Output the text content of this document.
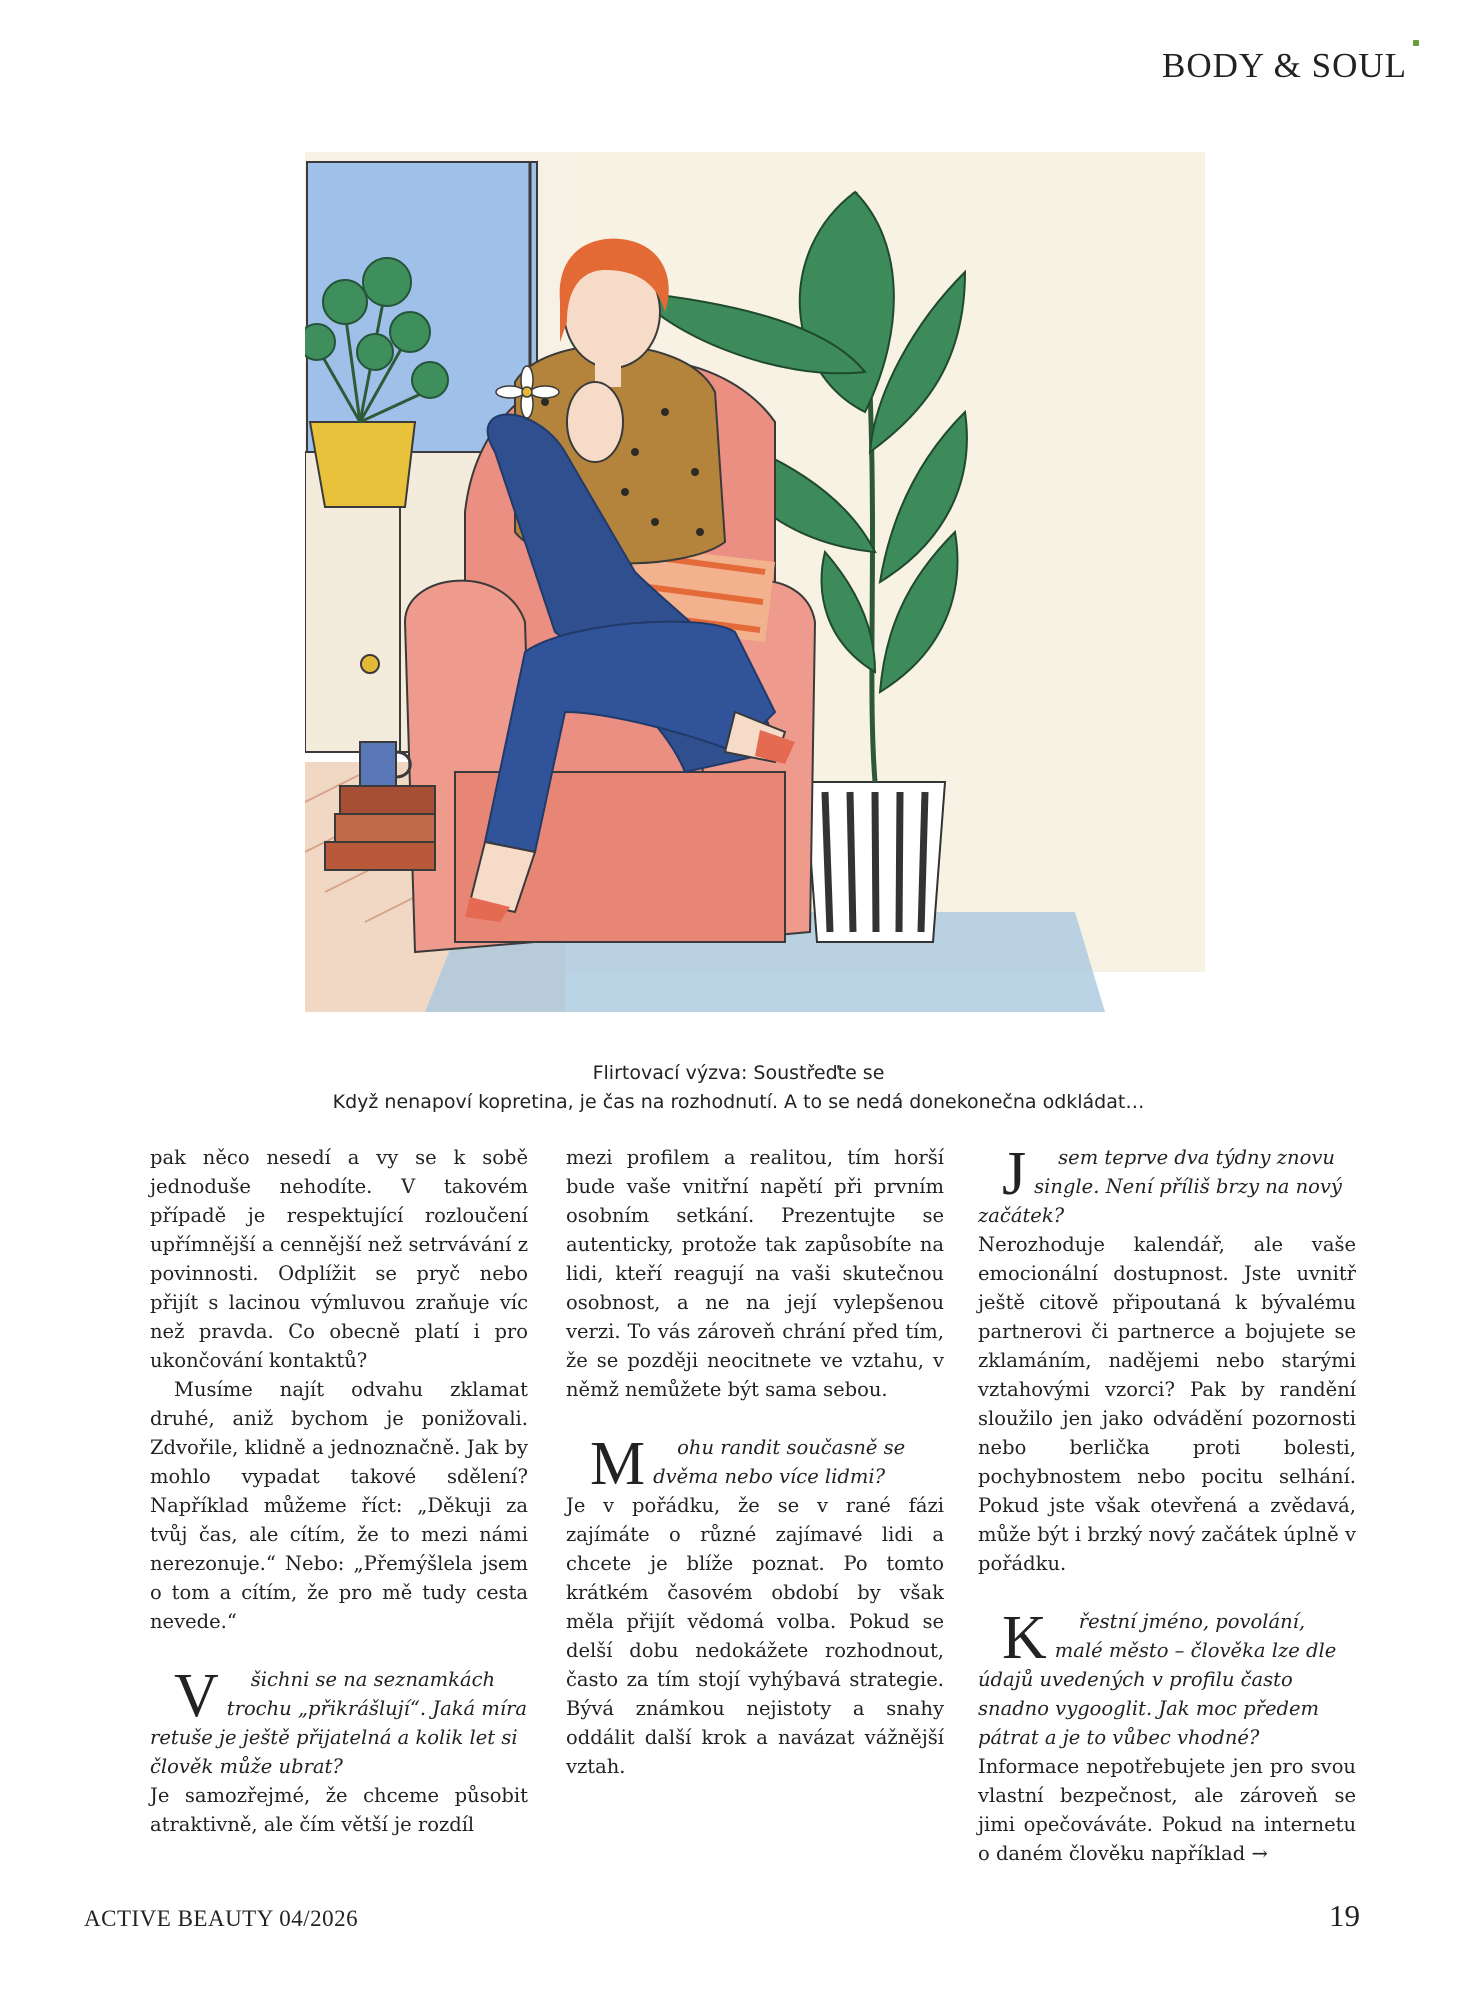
BODY & SOUL
Flirtovací výzva: Soustřeďte se
Když nenapoví kopretina, je čas na rozhodnutí. A to se nedá donekonečna odkládat…

pak něco nesedí a vy se k sobě jednoduše nehodíte. V takovém případě je respektující rozloučení upřímnější a cennější než setrvávání z povinnosti. Odplížit se pryč nebo přijít s lacinou výmluvou zraňuje víc než pravda. Co obecně platí i pro ukončování kontaktů?

Musíme najít odvahu zklamat druhé, aniž bychom je ponižovali. Zdvořile, klidně a jednoznačně. Jak by mohlo vypadat takové sdělení? Například můžeme říct: „Děkuji za tvůj čas, ale cítím, že to mezi námi nerezonuje.“ Nebo: „Přemýšlela jsem o tom a cítím, že pro mě tudy cesta nevede.“

V šichni se na seznamkách trochu „přikrášlují“. Jaká míra retuše je ještě přijatelná a kolik let si člověk může ubrat?

Je samozřejmé, že chceme působit atraktivně, ale čím větší je rozdíl

mezi profilem a realitou, tím horší bude vaše vnitřní napětí při prvním osobním setkání. Prezentujte se autenticky, protože tak zapůsobíte na lidi, kteří reagují na vaši skutečnou osobnost, a ne na její vylepšenou verzi. To vás zároveň chrání před tím, že se později neocitnete ve vztahu, v němž nemůžete být sama sebou.

M ohu randit současně se dvěma nebo více lidmi?

Je v pořádku, že se v rané fázi zajímáte o různé zajímavé lidi a chcete je blíže poznat. Po tomto krátkém časovém období by však měla přijít vědomá volba. Pokud se delší dobu nedokážete rozhodnout, často za tím stojí vyhýbavá strategie. Bývá známkou nejistoty a snahy oddálit další krok a navázat vážnější vztah.

J sem teprve dva týdny znovu single. Není příliš brzy na nový začátek?

Nerozhoduje kalendář, ale vaše emocionální dostupnost. Jste uvnitř ještě citově připoutaná k bývalému partnerovi či partnerce a bojujete se zklamáním, nadějemi nebo starými vztahovými vzorci? Pak by randění sloužilo jen jako odvádění pozornosti nebo berlička proti bolesti, pochybnostem nebo pocitu selhání. Pokud jste však otevřená a zvědavá, může být i brzký nový začátek úplně v pořádku.

K řestní jméno, povolání, malé město – člověka lze dle údajů uvedených v profilu často snadno vygooglit. Jak moc předem pátrat a je to vůbec vhodné?

Informace nepotřebujete jen pro svou vlastní bezpečnost, ale zároveň se jimi opečováváte. Pokud na internetu o daném člověku například →

ACTIVE BEAUTY 04/2026	19
